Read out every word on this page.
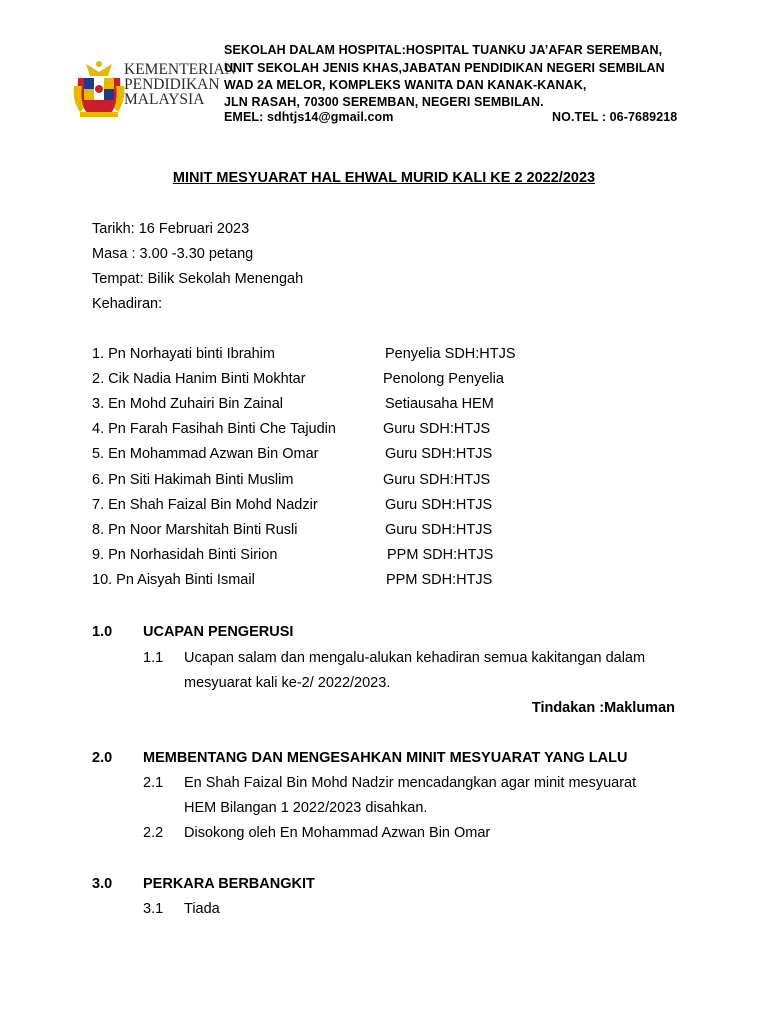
KEMENTERIAN
PENDIDIKAN
MALAYSIA
SEKOLAH DALAM HOSPITAL:HOSPITAL TUANKU JA’AFAR SEREMBAN,
UNIT SEKOLAH JENIS KHAS,JABATAN PENDIDIKAN NEGERI SEMBILAN
WAD 2A MELOR, KOMPLEKS WANITA DAN KANAK-KANAK,
JLN RASAH, 70300 SEREMBAN, NEGERI SEMBILAN.
EMEL: sdhtjs14@gmail.com	NO.TEL : 06-7689218
MINIT MESYUARAT HAL EHWAL MURID KALI KE 2 2022/2023
Tarikh: 16 Februari 2023
Masa : 3.00 -3.30 petang
Tempat: Bilik Sekolah Menengah
Kehadiran:
1. Pn Norhayati binti Ibrahim	Penyelia SDH:HTJS
2. Cik Nadia Hanim Binti Mokhtar	Penolong Penyelia
3. En Mohd Zuhairi Bin Zainal	Setiausaha HEM
4. Pn Farah Fasihah Binti Che Tajudin	Guru SDH:HTJS
5. En Mohammad Azwan Bin Omar	Guru SDH:HTJS
6. Pn Siti Hakimah Binti Muslim	Guru SDH:HTJS
7. En Shah Faizal Bin Mohd Nadzir	Guru SDH:HTJS
8. Pn Noor Marshitah Binti Rusli	Guru SDH:HTJS
9. Pn Norhasidah Binti Sirion	PPM SDH:HTJS
10. Pn Aisyah Binti Ismail	PPM SDH:HTJS
1.0 UCAPAN PENGERUSI
1.1 Ucapan salam dan mengalu-alukan kehadiran semua kakitangan dalam
mesyuarat kali ke-2/ 2022/2023.
Tindakan :Makluman
2.0 MEMBENTANG DAN MENGESAHKAN MINIT MESYUARAT YANG LALU
2.1 En Shah Faizal Bin Mohd Nadzir mencadangkan agar minit mesyuarat
HEM Bilangan 1 2022/2023 disahkan.
2.2 Disokong oleh En Mohammad Azwan Bin Omar
3.0 PERKARA BERBANGKIT
3.1 Tiada
